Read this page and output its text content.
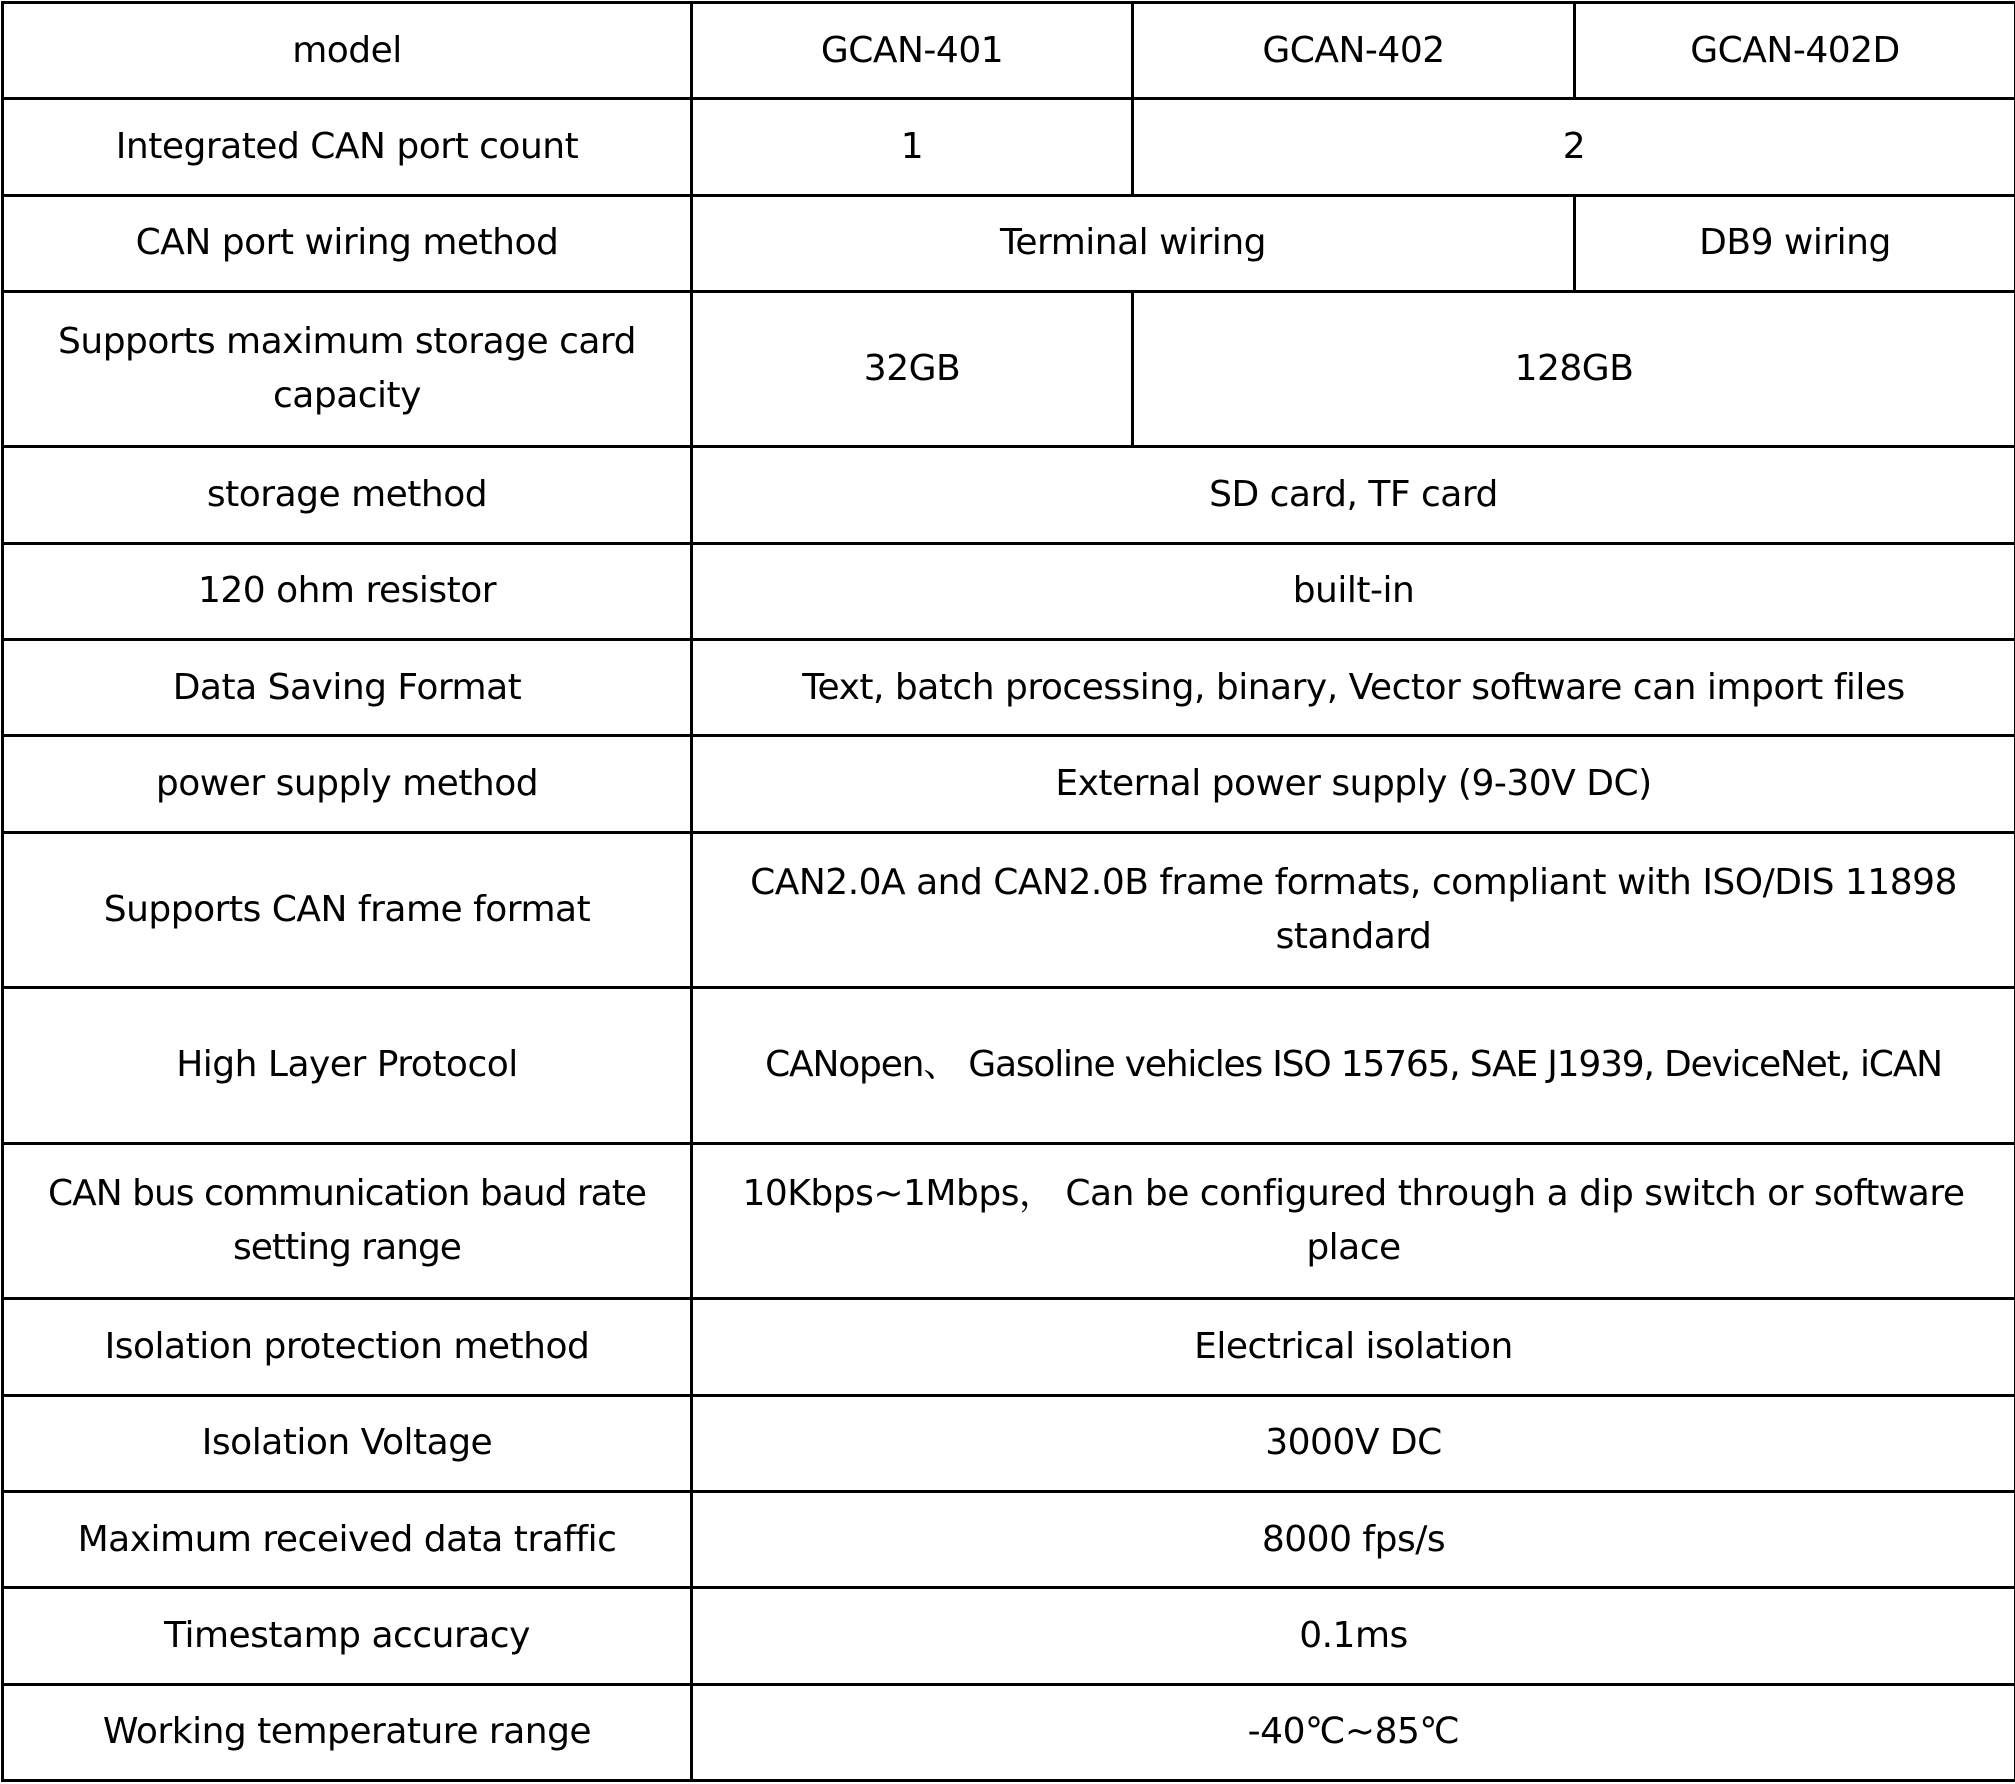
model	GCAN-401	GCAN-402	GCAN-402D
Integrated CAN port count	1	2	
CAN port wiring method	Terminal wiring		DB9 wiring
Supports maximum storage card capacity	32GB	128GB	
storage method	SD card, TF card		
120 ohm resistor	built-in		
Data Saving Format	Text, batch processing, binary, Vector software can import files		
power supply method	External power supply (9-30V DC)		
Supports CAN frame format	CAN2.0A and CAN2.0B frame formats, compliant with ISO/DIS 11898 standard		
High Layer Protocol	CANopen、 Gasoline vehicles ISO 15765, SAE J1939, DeviceNet, iCAN		
CAN bus communication baud rate setting range	10Kbps~1Mbps， Can be configured through a dip switch or software place		
Isolation protection method	Electrical isolation		
Isolation Voltage	3000V DC		
Maximum received data traffic	8000 fps/s		
Timestamp accuracy	0.1ms		
Working temperature range	-40℃~85℃		
